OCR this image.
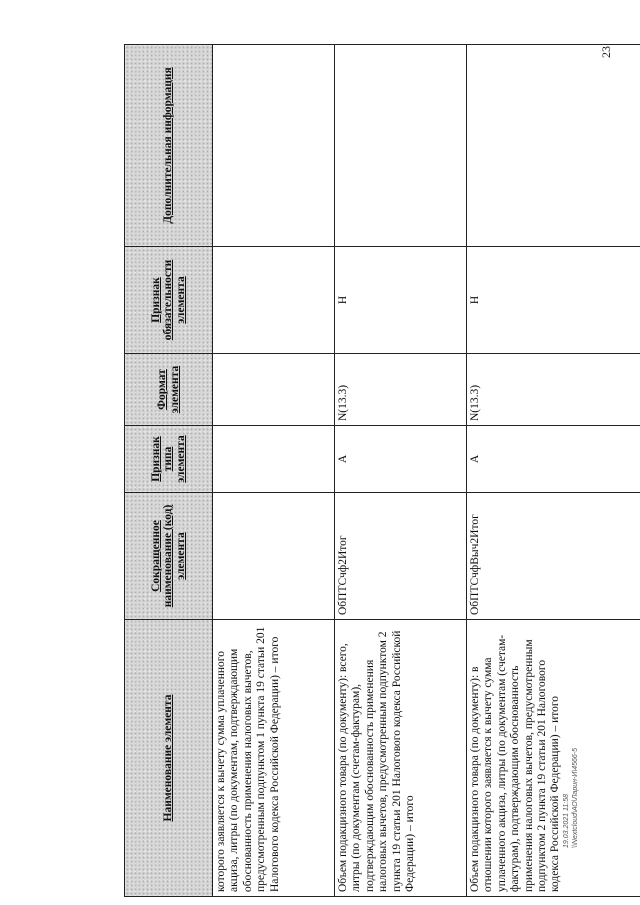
23
Наименование элемента	Сокращенное наименование (код) элемента	Признак типа элемента	Формат элемента	Признак обязательности элемента	Дополнительная информация
которого заявляется к вычету сумма уплаченного акциза, литры (по документам, подтверждающим обоснованность применения налоговых вычетов, предусмотренным подпунктом 1 пункта 19 статьи 201 Налогового кодекса Российской Федерации) – итого					
Объем подакцизного товара (по документу): всего, литры (по документам (счетам-фактурам), подтверждающим обоснованность применения налоговых вычетов, предусмотренным подпунктом 2 пункта 19 статьи 201 Налогового кодекса Российской Федерации) – итого	ОбПТСчф2Итог	А	N(13.3)	Н	
Объем подакцизного товара (по документу): в отношении которого заявляется к вычету сумма уплаченного акциза, литры (по документам (счетам-фактурам), подтверждающим обоснованность применения налоговых вычетов, предусмотренным подпунктом 2 пункта 19 статьи 201 Налогового кодекса Российской Федерации) – итого	ОбПТСчфВыч2Итог	А	N(13.3)	Н	
19.03.2021 11:58 \\Nextcloud\АО\Ларин-И\4566-5
